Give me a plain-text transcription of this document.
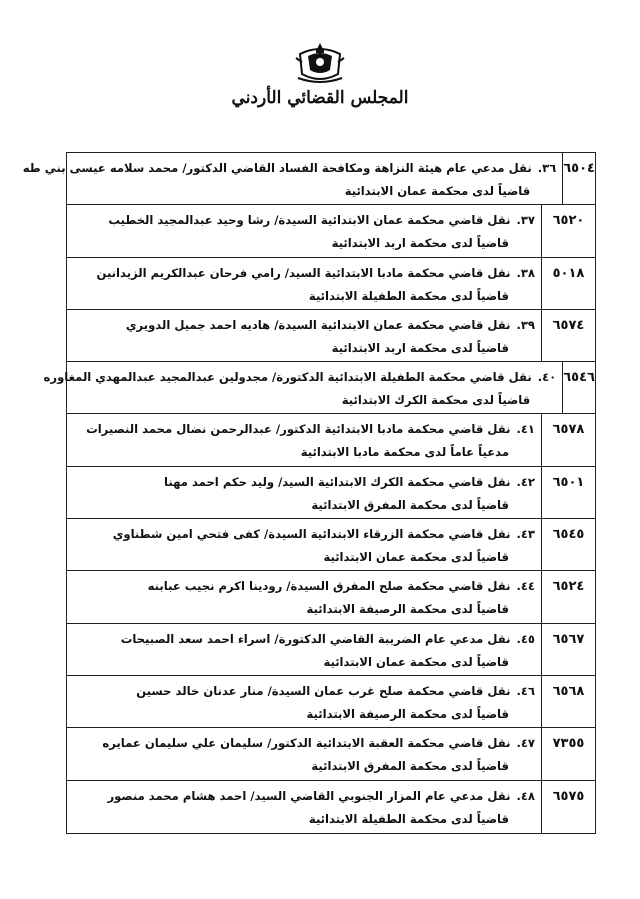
المجلس القضائي الأردني
٦٥٠٤
٣٦.
نقل مدعي عام هيئة النزاهة ومكافحة الفساد القاضي الدكتور/ محمد سلامه عيسى بني طه
قاضياً لدى محكمة عمان الابتدائية
٦٥٢٠
٣٧.
نقل قاضي محكمة عمان الابتدائية السيدة/ رشا وحيد عبدالمجيد الخطيب
قاضياً لدى محكمة اربد الابتدائية
٥٠١٨
٣٨.
نقل قاضي محكمة مادبا الابتدائية السيد/ رامي فرحان عبدالكريم الزيدانين
قاضياً لدى محكمة الطفيلة الابتدائية
٦٥٧٤
٣٩.
نقل قاضي محكمة عمان الابتدائية السيدة/ هاديه احمد جميل الدويري
قاضياً لدى محكمة اربد الابتدائية
٦٥٤٦
٤٠.
نقل قاضي محكمة الطفيلة الابتدائية الدكتورة/ مجدولين عبدالمجيد عبدالمهدي المغاوره
قاضياً لدى محكمة الكرك الابتدائية
٦٥٧٨
٤١.
نقل قاضي محكمة مادبا الابتدائية الدكتور/ عبدالرحمن نضال محمد النصيرات
مدعياً عاماً لدى محكمة مادبا الابتدائية
٦٥٠١
٤٢.
نقل قاضي محكمة الكرك الابتدائية السيد/ وليد حكم احمد مهنا
قاضياً لدى محكمة المفرق الابتدائية
٦٥٤٥
٤٣.
نقل قاضي محكمة الزرقاء الابتدائية السيدة/ كفى فتحي امين شطناوي
قاضياً لدى محكمة عمان الابتدائية
٦٥٢٤
٤٤.
نقل قاضي محكمة صلح المفرق السيدة/ رودينا اكرم نجيب عبابنه
قاضياً لدى محكمة الرصيفة الابتدائية
٦٥٦٧
٤٥.
نقل مدعي عام الضريبة القاضي الدكتورة/ اسراء احمد سعد الصبيحات
قاضياً لدى محكمة عمان الابتدائية
٦٥٦٨
٤٦.
نقل قاضي محكمة صلح غرب عمان السيدة/ منار عدنان خالد حسين
قاضياً لدى محكمة الرصيفة الابتدائية
٧٣٥٥
٤٧.
نقل قاضي محكمة العقبة الابتدائية الدكتور/ سليمان علي سليمان عمايره
قاضياً لدى محكمة المفرق الابتدائية
٦٥٧٥
٤٨.
نقل مدعي عام المزار الجنوبي القاضي السيد/ احمد هشام محمد منصور
قاضياً لدى محكمة الطفيلة الابتدائية
